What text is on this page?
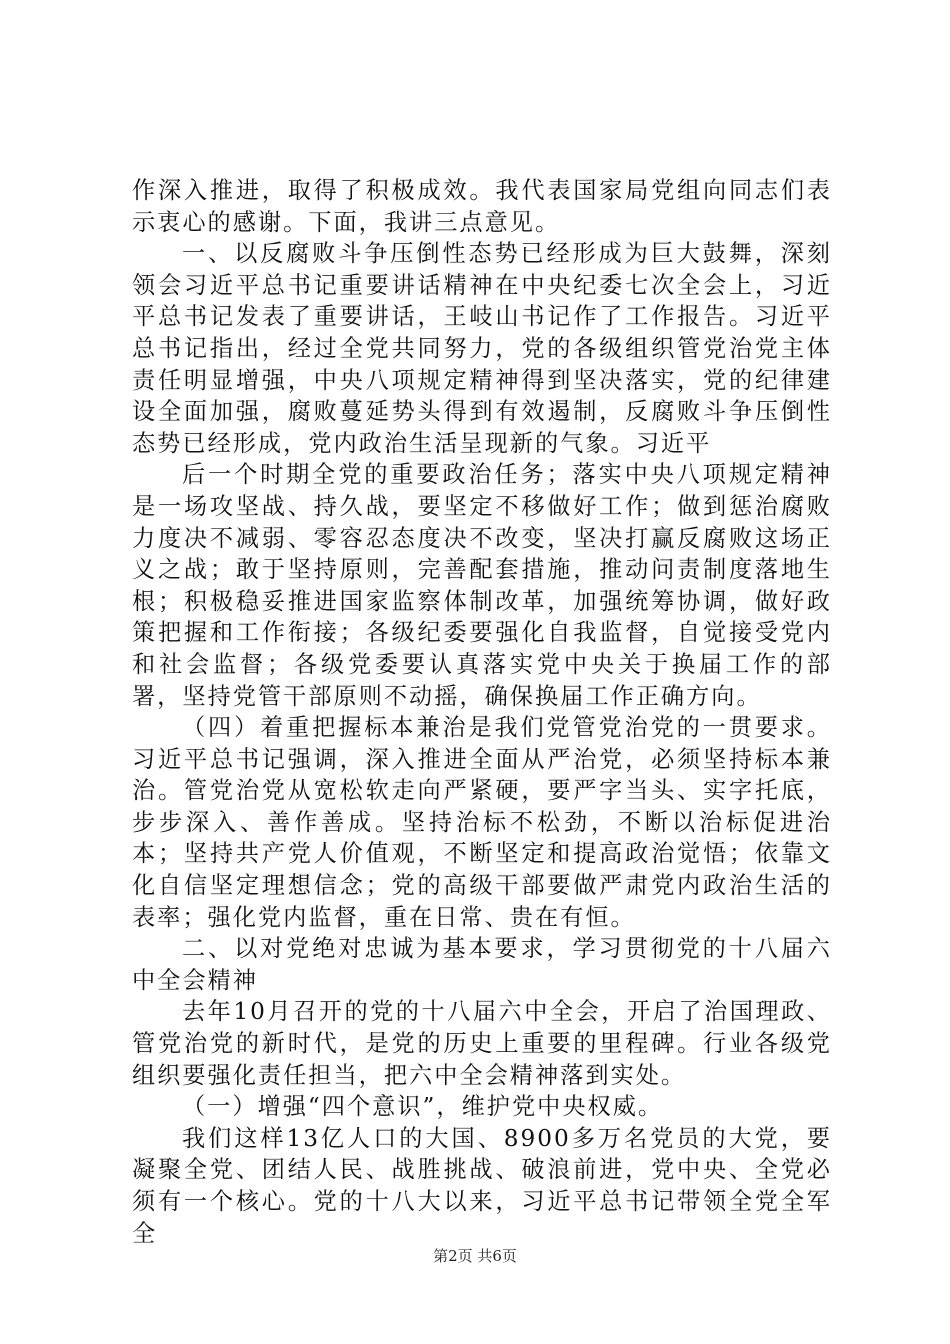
作深入推进，取得了积极成效。我代表国家局党组向同志们表示衷心的感谢。下面，我讲三点意见。

一、以反腐败斗争压倒性态势已经形成为巨大鼓舞，深刻领会习近平总书记重要讲话精神在中央纪委七次全会上，习近平总书记发表了重要讲话，王岐山书记作了工作报告。习近平总书记指出，经过全党共同努力，党的各级组织管党治党主体责任明显增强，中央八项规定精神得到坚决落实，党的纪律建设全面加强，腐败蔓延势头得到有效遏制，反腐败斗争压倒性态势已经形成，党内政治生活呈现新的气象。习近平

后一个时期全党的重要政治任务；落实中央八项规定精神是一场攻坚战、持久战，要坚定不移做好工作；做到惩治腐败力度决不减弱、零容忍态度决不改变，坚决打赢反腐败这场正义之战；敢于坚持原则，完善配套措施，推动问责制度落地生根；积极稳妥推进国家监察体制改革，加强统筹协调，做好政策把握和工作衔接；各级纪委要强化自我监督，自觉接受党内和社会监督；各级党委要认真落实党中央关于换届工作的部署，坚持党管干部原则不动摇，确保换届工作正确方向。

（四）着重把握标本兼治是我们党管党治党的一贯要求。习近平总书记强调，深入推进全面从严治党，必须坚持标本兼治。管党治党从宽松软走向严紧硬，要严字当头、实字托底，步步深入、善作善成。坚持治标不松劲，不断以治标促进治本；坚持共产党人价值观，不断坚定和提高政治觉悟；依靠文化自信坚定理想信念；党的高级干部要做严肃党内政治生活的表率；强化党内监督，重在日常、贵在有恒。

二、以对党绝对忠诚为基本要求，学习贯彻党的十八届六中全会精神

去年10月召开的党的十八届六中全会，开启了治国理政、管党治党的新时代，是党的历史上重要的里程碑。行业各级党组织要强化责任担当，把六中全会精神落到实处。

（一）增强“四个意识”，维护党中央权威。

我们这样13亿人口的大国、8900多万名党员的大党，要凝聚全党、团结人民、战胜挑战、破浪前进，党中央、全党必须有一个核心。党的十八大以来，习近平总书记带领全党全军全

第2页 共6页
